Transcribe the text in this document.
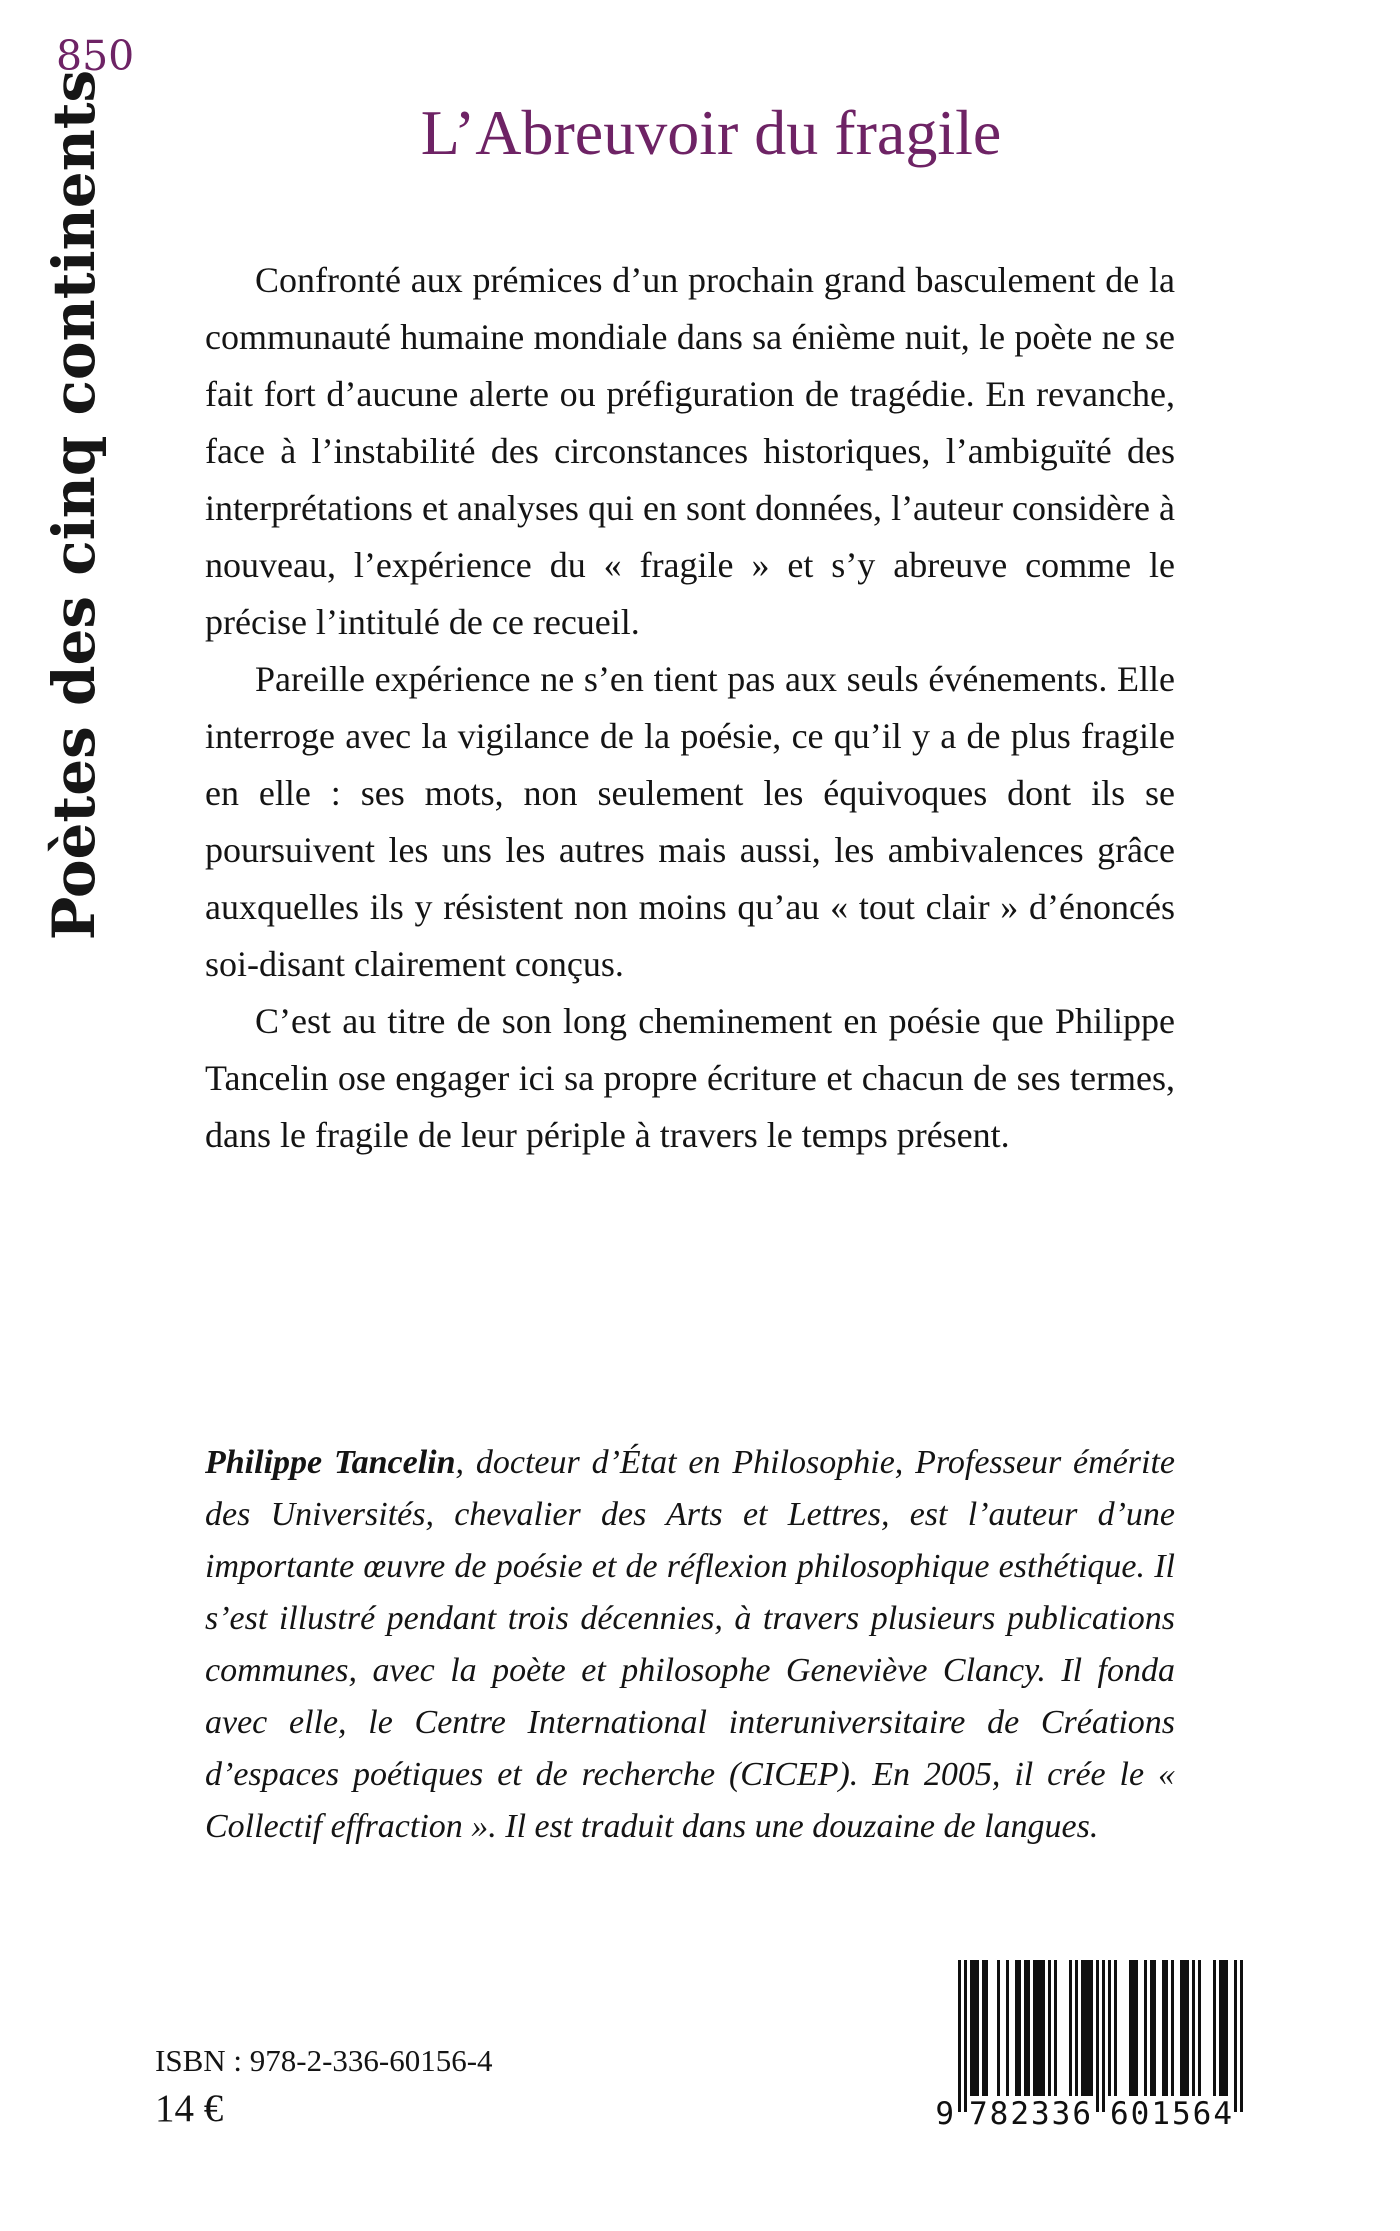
850
Poètes des cinq continents	L’Abreuvoir du fragile

Confronté aux prémices d’un prochain grand basculement de la communauté humaine mondiale dans sa énième nuit, le poète ne se fait fort d’aucune alerte ou préfiguration de tragédie. En revanche, face à l’instabilité des circonstances historiques, l’ambiguïté des interprétations et analyses qui en sont données, l’auteur considère à nouveau, l’expérience du « fragile » et s’y abreuve comme le précise l’intitulé de ce recueil.

Pareille expérience ne s’en tient pas aux seuls événements. Elle interroge avec la vigilance de la poésie, ce qu’il y a de plus fragile en elle : ses mots, non seulement les équivoques dont ils se poursuivent les uns les autres mais aussi, les ambivalences grâce auxquelles ils y résistent non moins qu’au « tout clair » d’énoncés soi-disant clairement conçus.

C’est au titre de son long cheminement en poésie que Philippe Tancelin ose engager ici sa propre écriture et chacun de ses termes, dans le fragile de leur périple à travers le temps présent.

Philippe Tancelin, docteur d’État en Philosophie, Professeur émérite des Universités, chevalier des Arts et Lettres, est l’auteur d’une importante œuvre de poésie et de réflexion philosophique esthétique. Il s’est illustré pendant trois décennies, à travers plusieurs publications communes, avec la poète et philosophe Geneviève Clancy. Il fonda avec elle, le Centre International interuniversitaire de Créations d’espaces poétiques et de recherche (CICEP). En 2005, il crée le « Collectif effraction ». Il est traduit dans une douzaine de langues.

ISBN : 978-2-336-60156-4
14 €	9 782336 601564
